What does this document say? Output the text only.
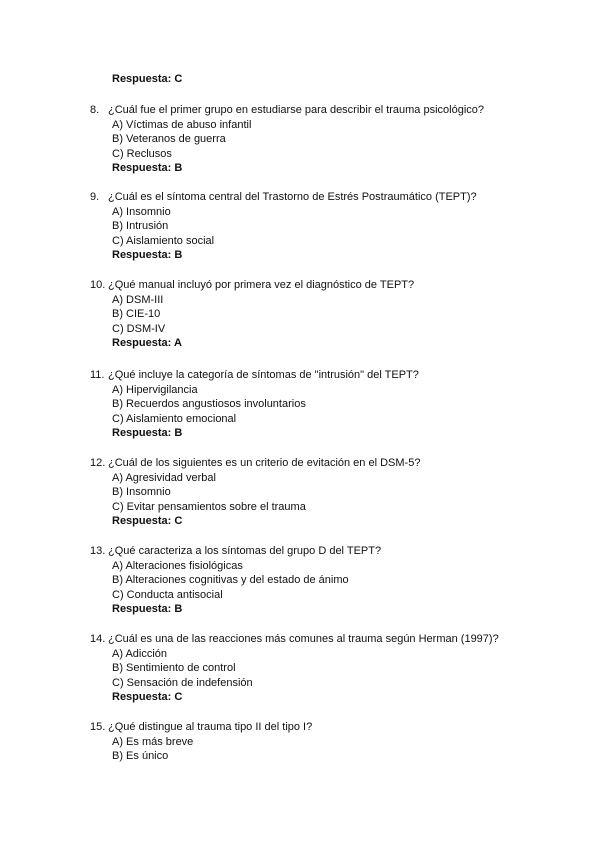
Respuesta: C
8. ¿Cuál fue el primer grupo en estudiarse para describir el trauma psicológico?
A) Víctimas de abuso infantil
B) Veteranos de guerra
C) Reclusos
Respuesta: B
9. ¿Cuál es el síntoma central del Trastorno de Estrés Postraumático (TEPT)?
A) Insomnio
B) Intrusión
C) Aislamiento social
Respuesta: B
10. ¿Qué manual incluyó por primera vez el diagnóstico de TEPT?
A) DSM-III
B) CIE-10
C) DSM-IV
Respuesta: A
11. ¿Qué incluye la categoría de síntomas de "intrusión" del TEPT?
A) Hipervigilancia
B) Recuerdos angustiosos involuntarios
C) Aislamiento emocional
Respuesta: B
12. ¿Cuál de los siguientes es un criterio de evitación en el DSM-5?
A) Agresividad verbal
B) Insomnio
C) Evitar pensamientos sobre el trauma
Respuesta: C
13. ¿Qué caracteriza a los síntomas del grupo D del TEPT?
A) Alteraciones fisiológicas
B) Alteraciones cognitivas y del estado de ánimo
C) Conducta antisocial
Respuesta: B
14. ¿Cuál es una de las reacciones más comunes al trauma según Herman (1997)?
A) Adicción
B) Sentimiento de control
C) Sensación de indefensión
Respuesta: C
15. ¿Qué distingue al trauma tipo II del tipo I?
A) Es más breve
B) Es único
